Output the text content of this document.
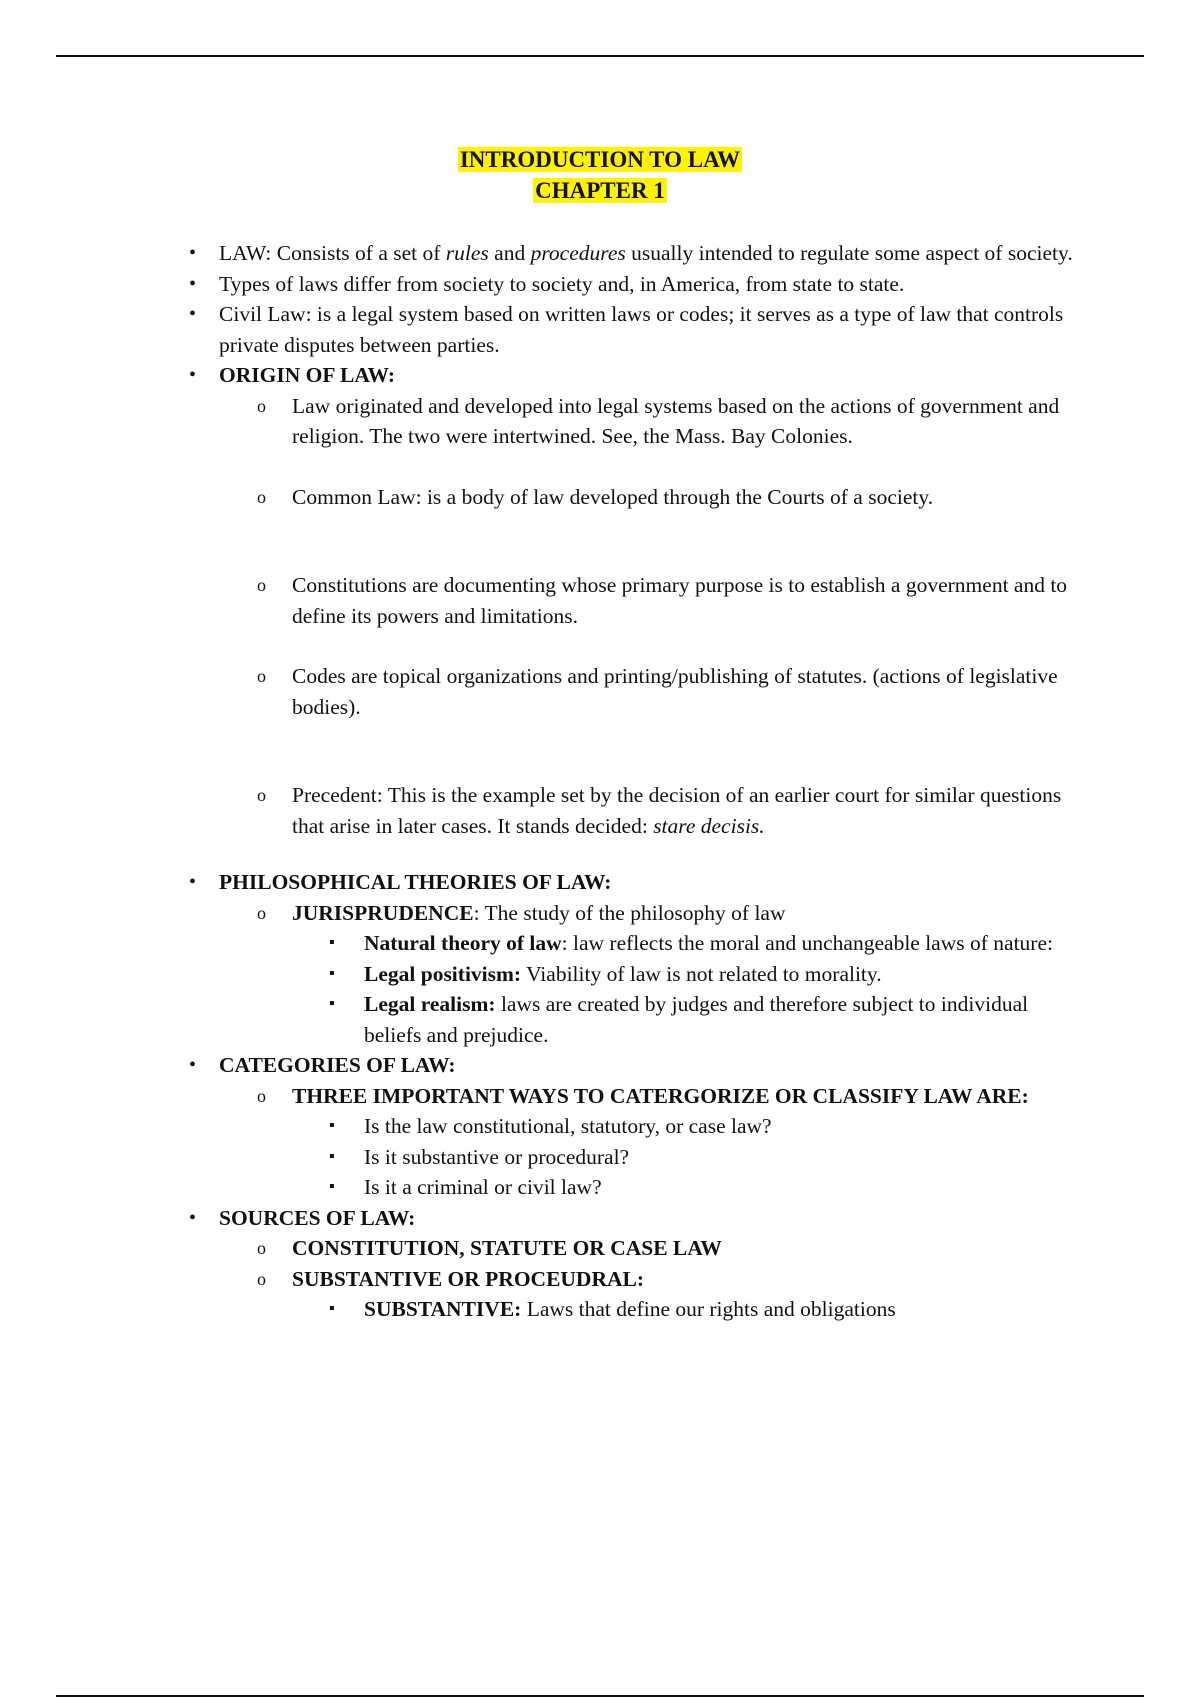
INTRODUCTION TO LAW
CHAPTER 1
• LAW: Consists of a set of rules and procedures usually intended to regulate some aspect of society.
• Types of laws differ from society to society and, in America, from state to state.
• Civil Law: is a legal system based on written laws or codes; it serves as a type of law that controls private disputes between parties.
• ORIGIN OF LAW:
o Law originated and developed into legal systems based on the actions of government and religion. The two were intertwined. See, the Mass. Bay Colonies.
o Common Law: is a body of law developed through the Courts of a society.
o Constitutions are documenting whose primary purpose is to establish a government and to define its powers and limitations.
o Codes are topical organizations and printing/publishing of statutes. (actions of legislative bodies).
o Precedent: This is the example set by the decision of an earlier court for similar questions that arise in later cases. It stands decided: stare decisis.
• PHILOSOPHICAL THEORIES OF LAW:
o JURISPRUDENCE: The study of the philosophy of law
▪ Natural theory of law: law reflects the moral and unchangeable laws of nature:
▪ Legal positivism: Viability of law is not related to morality.
▪ Legal realism: laws are created by judges and therefore subject to individual beliefs and prejudice.
• CATEGORIES OF LAW:
o THREE IMPORTANT WAYS TO CATERGORIZE OR CLASSIFY LAW ARE:
▪ Is the law constitutional, statutory, or case law?
▪ Is it substantive or procedural?
▪ Is it a criminal or civil law?
• SOURCES OF LAW:
o CONSTITUTION, STATUTE OR CASE LAW
o SUBSTANTIVE OR PROCEUDRAL:
▪ SUBSTANTIVE: Laws that define our rights and obligations
